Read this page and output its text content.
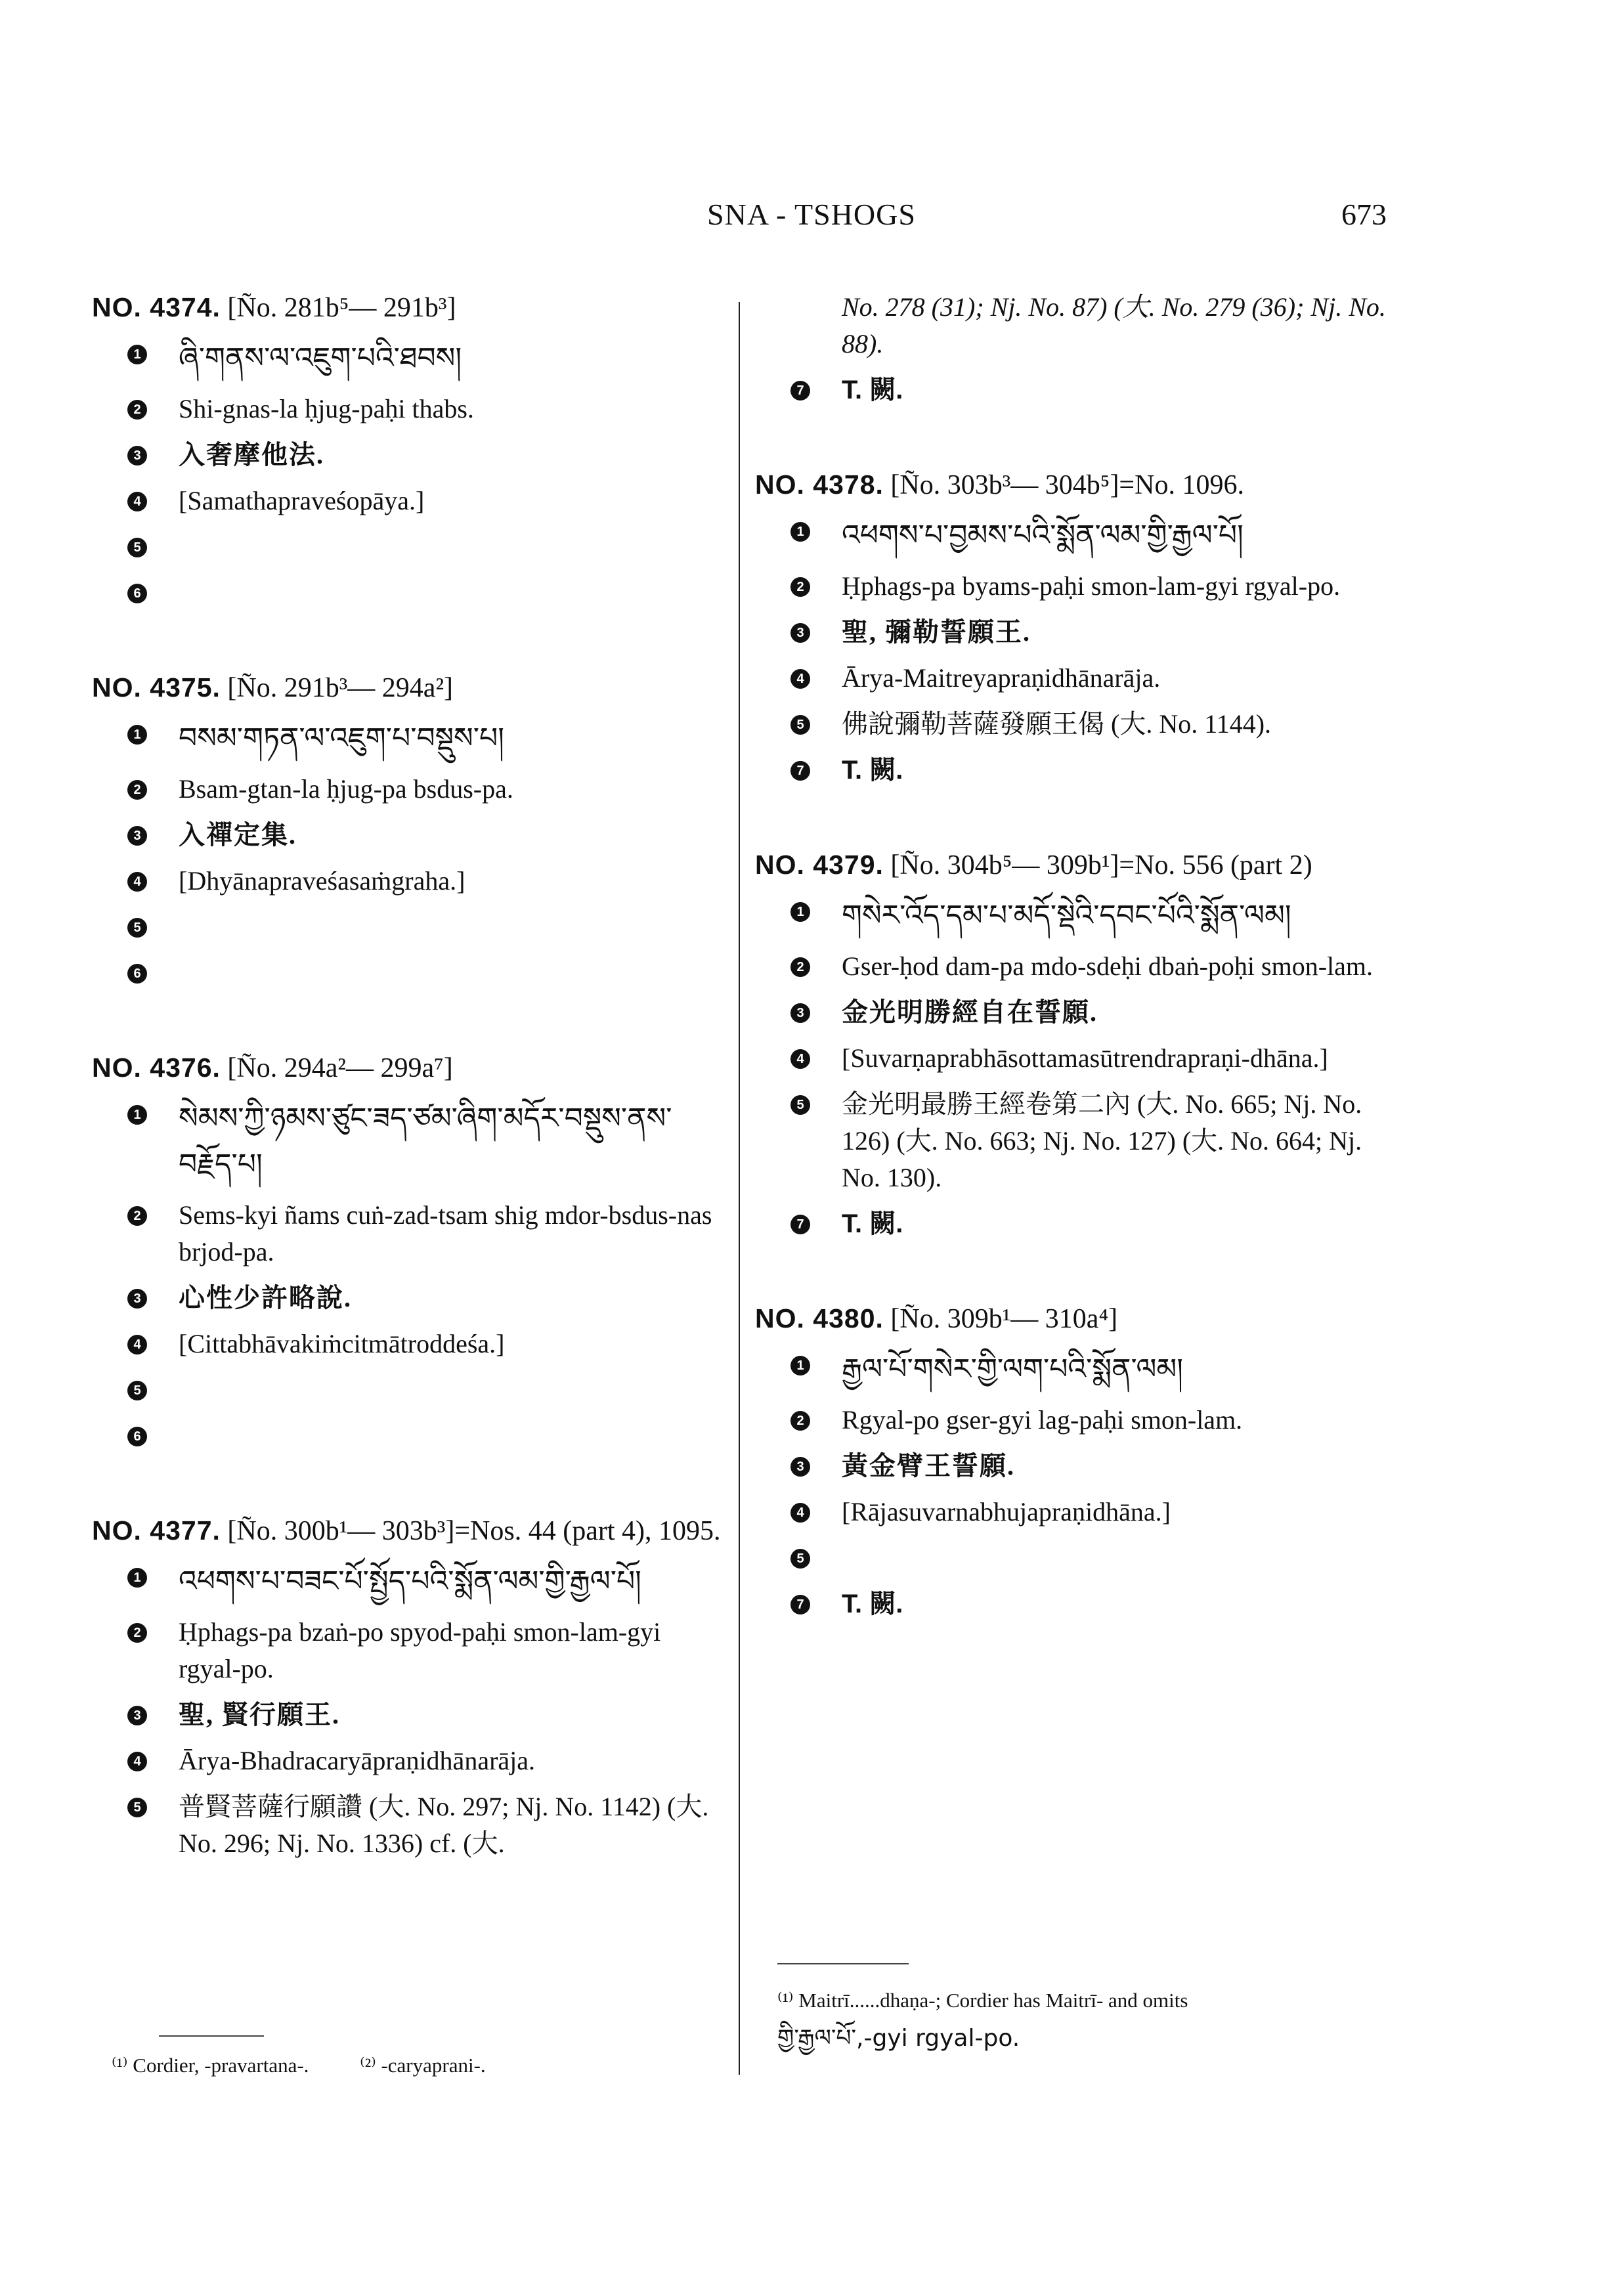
SNA - TSHOGS	673
NO. 4374. [Ño. 281b⁵— 291b³]
1 ཞི་གནས་ལ་འཇུག་པའི་ཐབས།
2 Shi-gnas-la ḥjug-paḥi thabs.
3 入奢摩他法.
4 [Samathapraveśopāya.]
5
6
NO. 4375. [Ño. 291b³— 294a²]
1 བསམ་གཏན་ལ་འཇུག་པ་བསྡུས་པ།
2 Bsam-gtan-la ḥjug-pa bsdus-pa.
3 入禪定集.
4 [Dhyānapraveśasaṁgraha.]
5
6
NO. 4376. [Ño. 294a²— 299a⁷]
1 སེམས་ཀྱི་ཉམས་ཙུང་ཟད་ཙམ་ཞིག་མདོར་བསྡུས་ནས་བརྗོད་པ།
2 Sems-kyi ñams cuṅ-zad-tsam shig mdor-bsdus-nas brjod-pa.
3 心性少許略說.
4 [Cittabhāvakiṁcitmātroddeśa.]
5
6
NO. 4377. [Ño. 300b¹— 303b³]=Nos. 44 (part 4), 1095.
1 འཕགས་པ་བཟང་པོ་སྤྱོད་པའི་སྨོན་ལམ་གྱི་རྒྱལ་པོ།
2 Ḥphags-pa bzaṅ-po spyod-paḥi smon-lam-gyi rgyal-po.
3 聖, 賢行願王.
4 Ārya-Bhadracaryāpraṇidhānarāja.
5 普賢菩薩行願讚 (大. No. 297; Nj. No. 1142) (大. No. 296; Nj. No. 1336) cf. (大.
No. 278 (31); Nj. No. 87) (大. No. 279 (36); Nj. No. 88).
7 T. 闕.
NO. 4378. [Ño. 303b³— 304b⁵]=No. 1096.
1 འཕགས་པ་བྱམས་པའི་སྨོན་ལམ་གྱི་རྒྱལ་པོ།
2 Ḥphags-pa byams-paḥi smon-lam-gyi rgyal-po.
3 聖, 彌勒誓願王.
4 Ārya-Maitreyapraṇidhānarāja.
5 佛說彌勒菩薩發願王偈 (大. No. 1144).
7 T. 闕.
NO. 4379. [Ño. 304b⁵— 309b¹]=No. 556 (part 2)
1 གསེར་འོད་དམ་པ་མདོ་སྡེའི་དབང་པོའི་སྨོན་ལམ།
2 Gser-ḥod dam-pa mdo-sdeḥi dbaṅ-poḥi smon-lam.
3 金光明勝經自在誓願.
4 [Suvarṇaprabhāsottamasūtrendrapraṇi-dhāna.]
5 金光明最勝王經卷第二內 (大. No. 665; Nj. No. 126) (大. No. 663; Nj. No. 127) (大. No. 664; Nj. No. 130).
7 T. 闕.
NO. 4380. [Ño. 309b¹— 310a⁴]
1 རྒྱལ་པོ་གསེར་གྱི་ལག་པའི་སྨོན་ལམ།
2 Rgyal-po gser-gyi lag-paḥi smon-lam.
3 黃金臂王誓願.
4 [Rājasuvarnabhujapraṇidhāna.]
5
7 T. 闕.
⁽¹⁾ Cordier, -pravartana-.	⁽²⁾ -caryaprani-.
⁽¹⁾ Maitrī......dhaṇa-; Cordier has Maitrī- and omits
གྱི་རྒྱལ་པོ་,-gyi rgyal-po.
